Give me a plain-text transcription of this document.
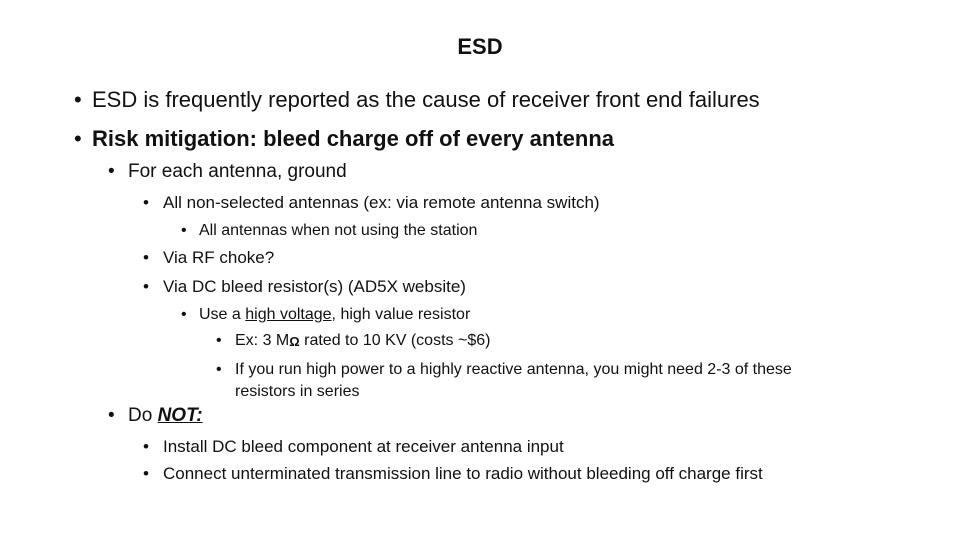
ESD
• ESD is frequently reported as the cause of receiver front end failures
• Risk mitigation: bleed charge off of every antenna
• For each antenna, ground
• All non-selected antennas (ex: via remote antenna switch)
• All antennas when not using the station
• Via RF choke?
• Via DC bleed resistor(s) (AD5X website)
• Use a high voltage, high value resistor
• Ex: 3 MΩ rated to 10 KV (costs ~$6)
• If you run high power to a highly reactive antenna, you might need 2-3 of these
resistors in series
• Do NOT:
• Install DC bleed component at receiver antenna input
• Connect unterminated transmission line to radio without bleeding off charge first
